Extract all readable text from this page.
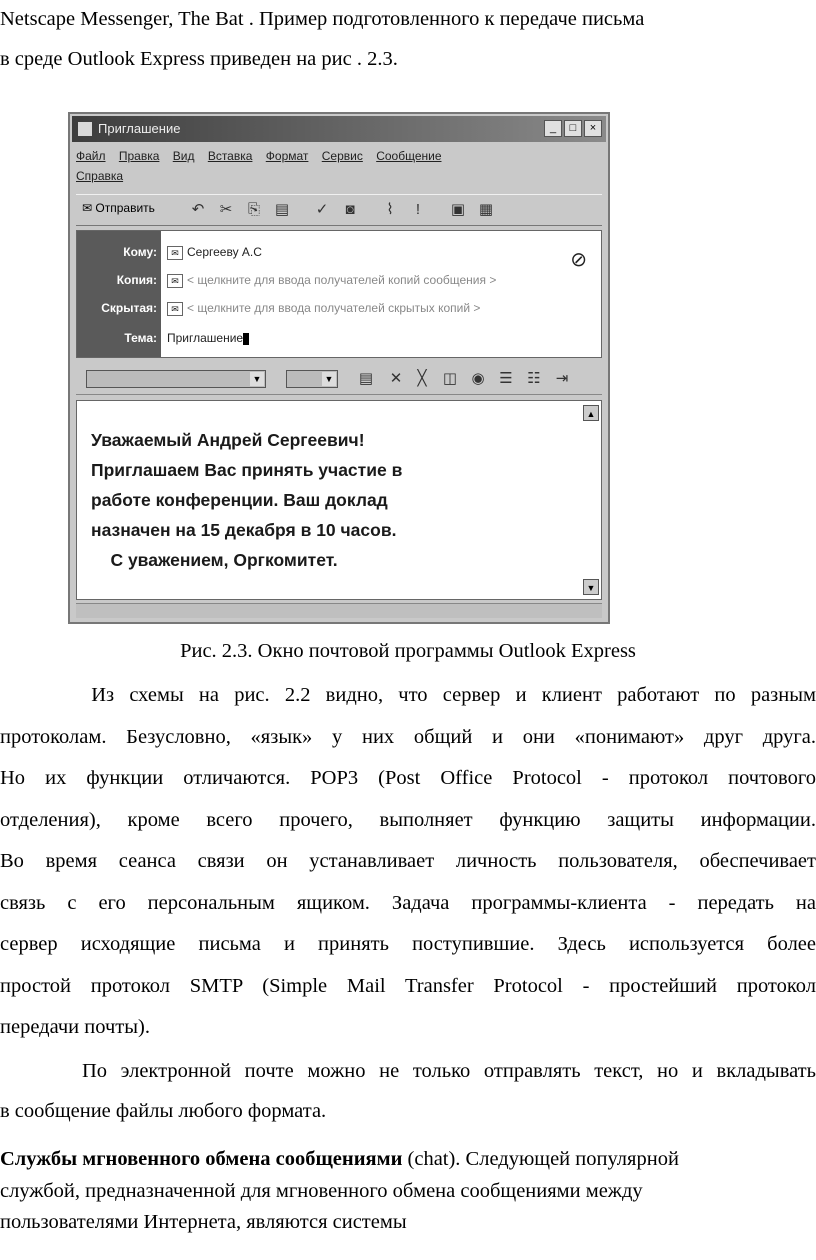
Netscape Messenger, The Bat . Пример подготовленного к передаче письма
в среде Outlook Express приведен на рис . 2.3.
Приглашение	_	□	×
Файл Правка Вид Вставка Формат Сервис Сообщение
Справка
✉ Отправить ↶ ✂ ⎘ ▤ ✓	◙	⌇	!	▣ ▦
Кому:	✉ Сергееву А.С
Копия:	✉ < щелкните для ввода получателей копий сообщения >
Скрытая:	✉ < щелкните для ввода получателей скрытых копий >
Тема: Приглашение
⊘
▼	▼ ▤ ✕	╳	◫ ◉ ☰ ☷ ⇥
Уважаемый Андрей Сергеевич!
Приглашаем Вас принять участие в
работе конференции. Ваш доклад
назначен на 15 декабря в 10 часов.
С уважением, Оргкомитет.
▲
▼
Рис. 2.3. Окно почтовой программы Outlook Express
Из схемы на рис. 2.2 видно, что сервер и клиент работают по разным
протоколам. Безусловно, «язык» у них общий и они «понимают» друг друга.
Но их функции отличаются. POP3 (Post Office Protocol - протокол почтового
отделения), кроме всего прочего, выполняет функцию защиты информации.
Во время сеанса связи он устанавливает личность пользователя, обеспечивает
связь с его персональным ящиком. Задача программы-клиента - передать на
сервер исходящие письма и принять поступившие. Здесь используется более
простой протокол SMTP (Simple Mail Transfer Protocol - простейший протокол
передачи почты).
По электронной почте можно не только отправлять текст, но и вкладывать
в сообщение файлы любого формата.
Службы мгновенного обмена сообщениями (chat). Следующей популярной
службой, предназначенной для мгновенного обмена сообщениями между
пользователями Интернета, являются системы
